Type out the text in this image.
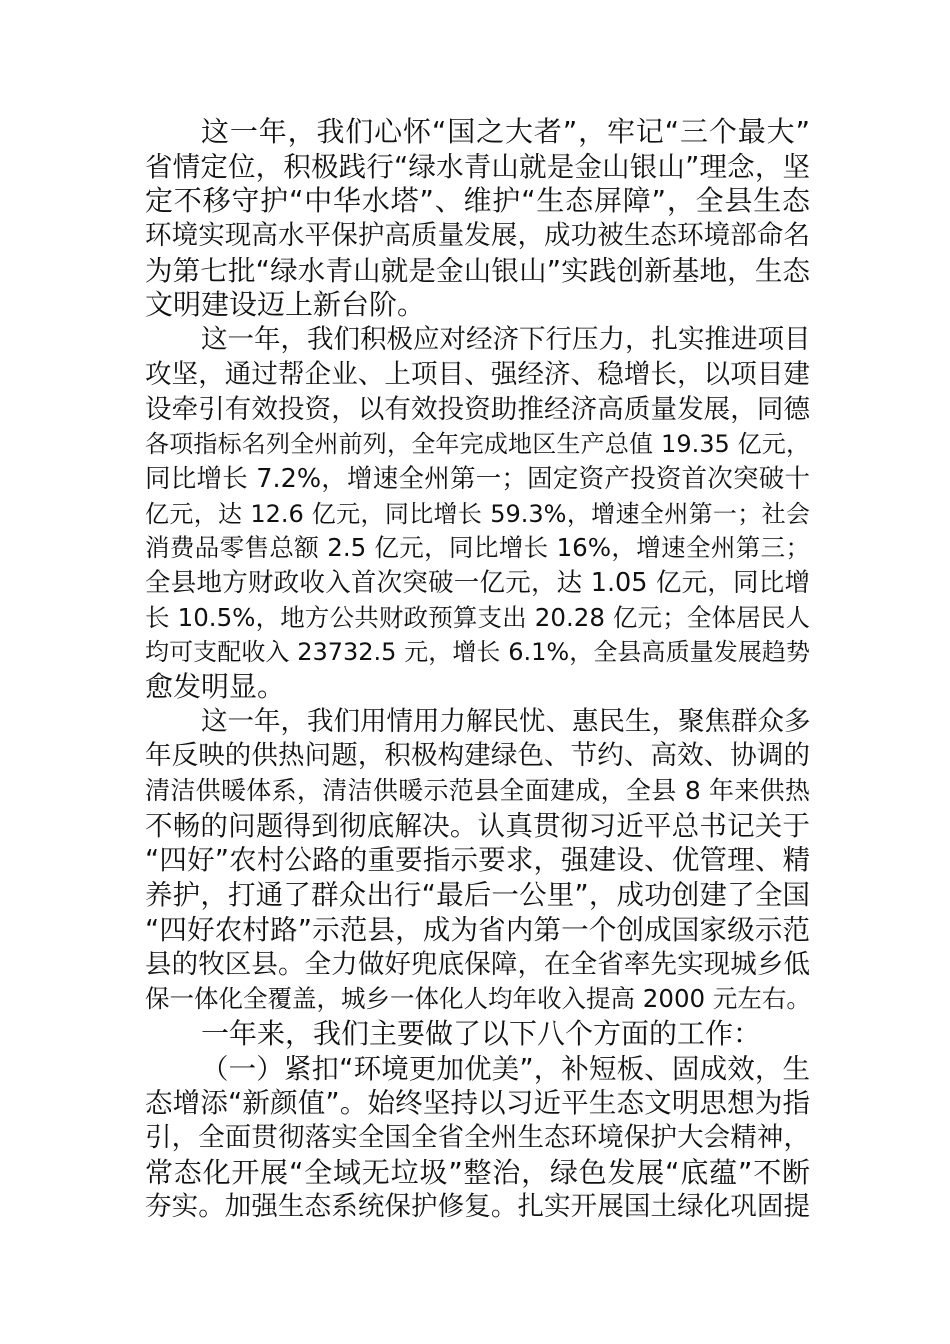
这一年，我们心怀“国之大者”，牢记“三个最大”
省情定位，积极践行“绿水青山就是金山银山”理念，坚
定不移守护“中华水塔”、维护“生态屏障”，全县生态
环境实现高水平保护高质量发展，成功被生态环境部命名
为第七批“绿水青山就是金山银山”实践创新基地，生态
文明建设迈上新台阶。
这一年，我们积极应对经济下行压力，扎实推进项目
攻坚，通过帮企业、上项目、强经济、稳增长，以项目建
设牵引有效投资，以有效投资助推经济高质量发展，同德
各项指标名列全州前列，全年完成地区生产总值 19.35 亿元，
同比增长 7.2%，增速全州第一；固定资产投资首次突破十
亿元，达 12.6 亿元，同比增长 59.3%，增速全州第一；社会
消费品零售总额 2.5 亿元，同比增长 16%，增速全州第三；
全县地方财政收入首次突破一亿元，达 1.05 亿元，同比增
长 10.5%，地方公共财政预算支出 20.28 亿元；全体居民人
均可支配收入 23732.5 元，增长 6.1%，全县高质量发展趋势
愈发明显。
这一年，我们用情用力解民忧、惠民生，聚焦群众多
年反映的供热问题，积极构建绿色、节约、高效、协调的
清洁供暖体系，清洁供暖示范县全面建成，全县 8 年来供热
不畅的问题得到彻底解决。认真贯彻习近平总书记关于
“四好”农村公路的重要指示要求，强建设、优管理、精
养护，打通了群众出行“最后一公里”，成功创建了全国
“四好农村路”示范县，成为省内第一个创成国家级示范
县的牧区县。全力做好兜底保障，在全省率先实现城乡低
保一体化全覆盖，城乡一体化人均年收入提高 2000 元左右。
一年来，我们主要做了以下八个方面的工作：
（一）紧扣“环境更加优美”，补短板、固成效，生
态增添“新颜值”。始终坚持以习近平生态文明思想为指
引，全面贯彻落实全国全省全州生态环境保护大会精神，
常态化开展“全域无垃圾”整治，绿色发展“底蕴”不断
夯实。加强生态系统保护修复。扎实开展国土绿化巩固提
